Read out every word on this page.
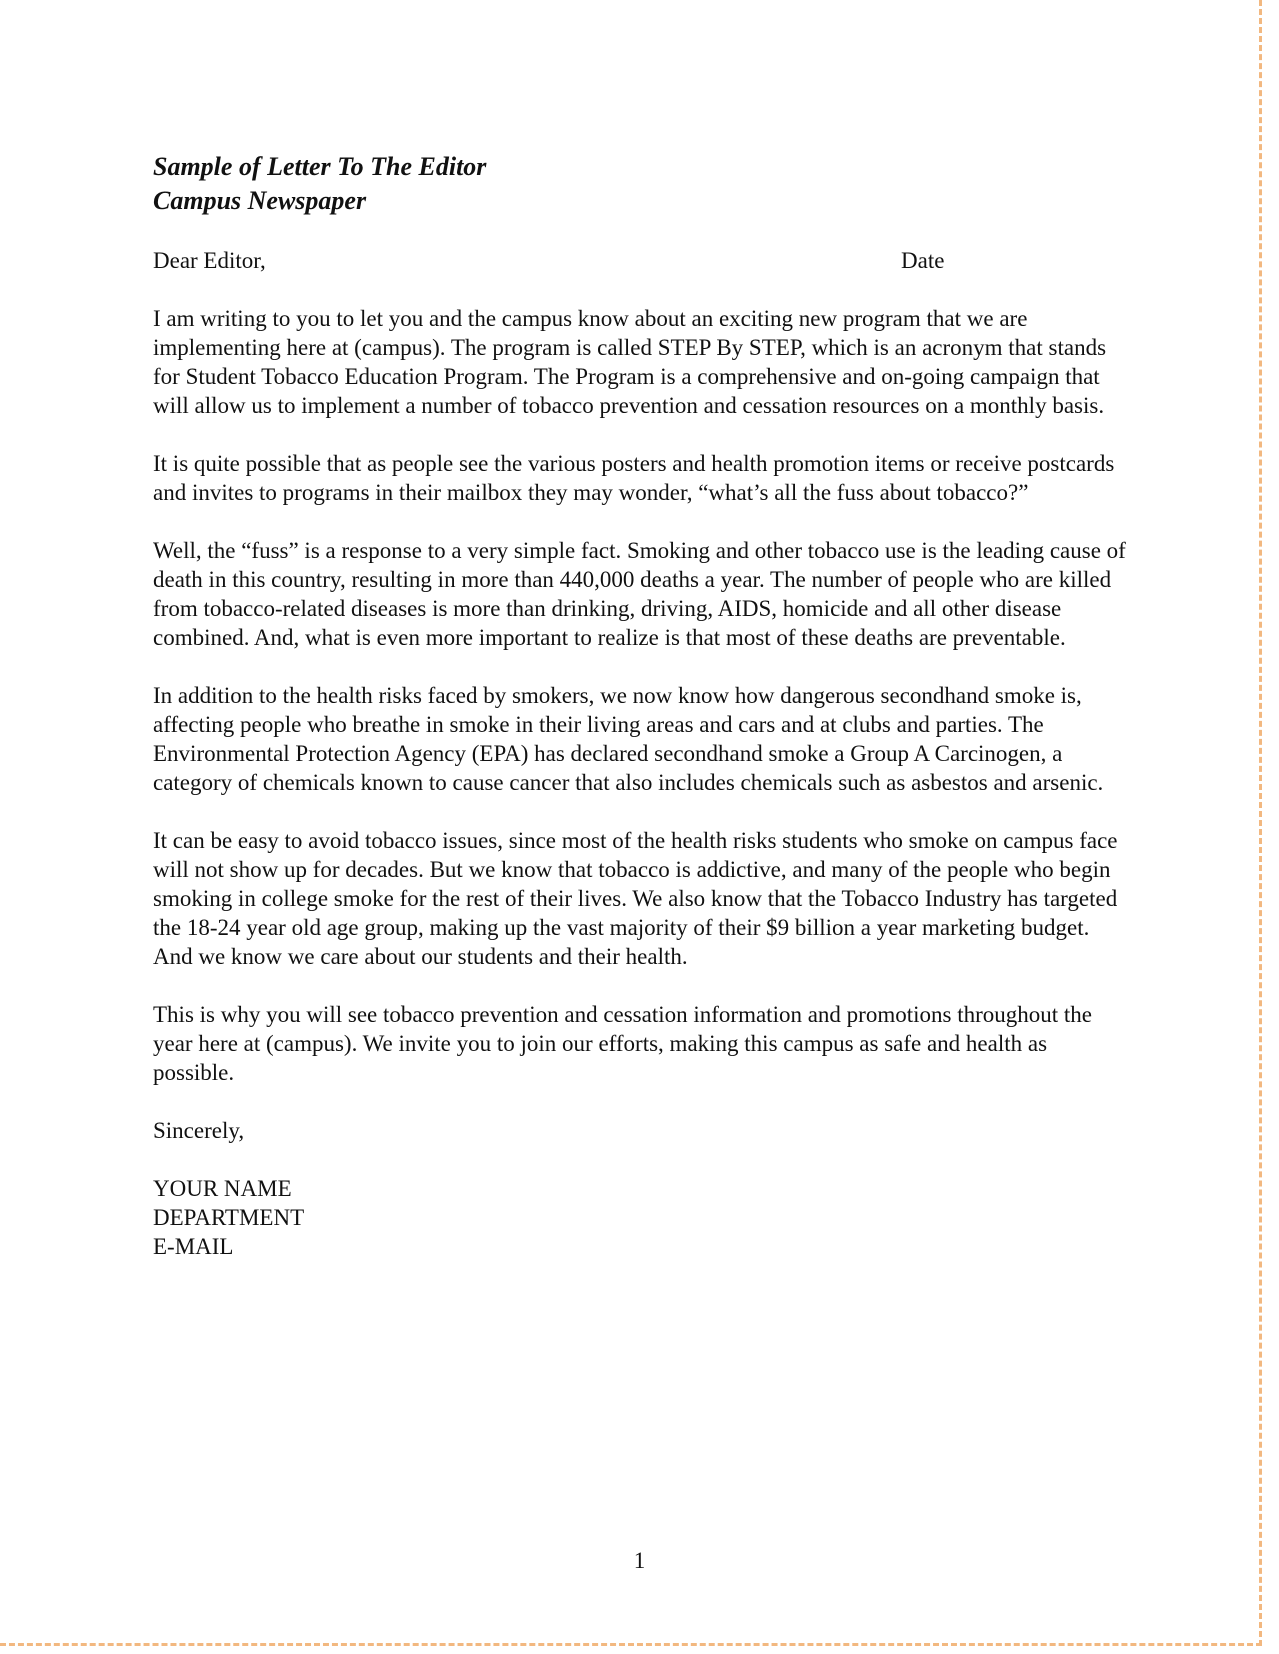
Sample of Letter To The Editor
Campus Newspaper
Dear Editor,	Date

I am writing to you to let you and the campus know about an exciting new program that we are implementing here at (campus). The program is called STEP By STEP, which is an acronym that stands for Student Tobacco Education Program. The Program is a comprehensive and on-going campaign that will allow us to implement a number of tobacco prevention and cessation resources on a monthly basis.

It is quite possible that as people see the various posters and health promotion items or receive postcards and invites to programs in their mailbox they may wonder, “what’s all the fuss about tobacco?”

Well, the “fuss” is a response to a very simple fact. Smoking and other tobacco use is the leading cause of death in this country, resulting in more than 440,000 deaths a year. The number of people who are killed from tobacco-related diseases is more than drinking, driving, AIDS, homicide and all other disease combined. And, what is even more important to realize is that most of these deaths are preventable.

In addition to the health risks faced by smokers, we now know how dangerous secondhand smoke is, affecting people who breathe in smoke in their living areas and cars and at clubs and parties. The Environmental Protection Agency (EPA) has declared secondhand smoke a Group A Carcinogen, a category of chemicals known to cause cancer that also includes chemicals such as asbestos and arsenic.

It can be easy to avoid tobacco issues, since most of the health risks students who smoke on campus face will not show up for decades. But we know that tobacco is addictive, and many of the people who begin smoking in college smoke for the rest of their lives. We also know that the Tobacco Industry has targeted the 18-24 year old age group, making up the vast majority of their $9 billion a year marketing budget. And we know we care about our students and their health.

This is why you will see tobacco prevention and cessation information and promotions throughout the year here at (campus). We invite you to join our efforts, making this campus as safe and health as possible.

Sincerely,
YOUR NAME
DEPARTMENT
E-MAIL
1
